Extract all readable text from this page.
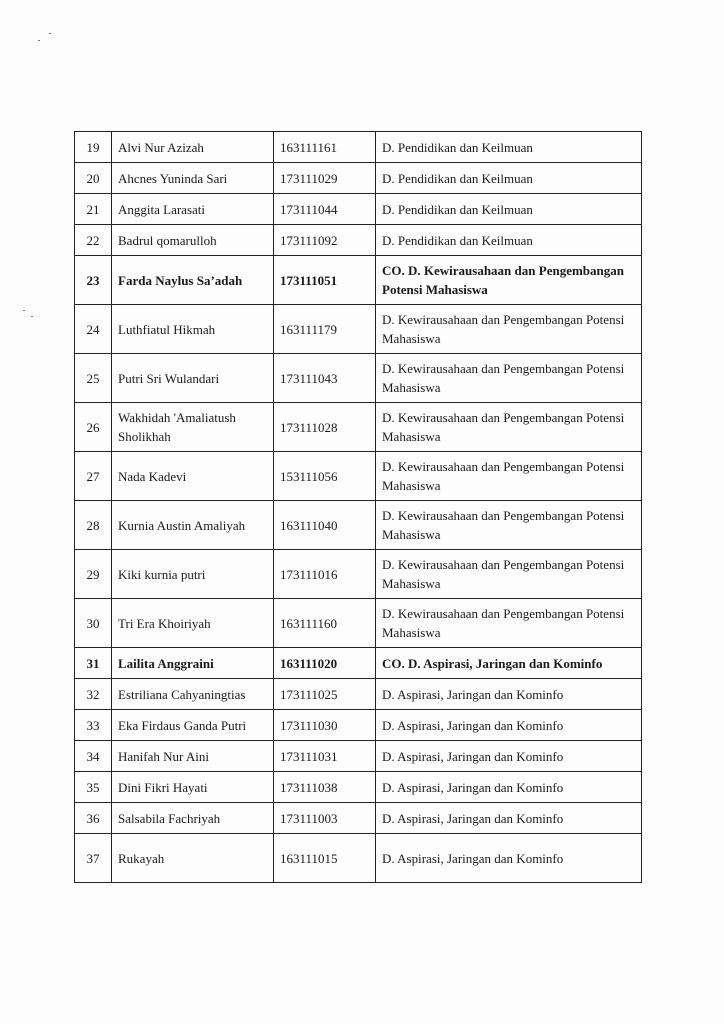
19	Alvi Nur Azizah	163111161	D. Pendidikan dan Keilmuan
20	Ahcnes Yuninda Sari	173111029	D. Pendidikan dan Keilmuan
21	Anggita Larasati	173111044	D. Pendidikan dan Keilmuan
22	Badrul qomarulloh	173111092	D. Pendidikan dan Keilmuan
23	Farda Naylus Sa’adah	173111051	CO. D. Kewirausahaan dan Pengembangan Potensi Mahasiswa
24	Luthfiatul Hikmah	163111179	D. Kewirausahaan dan Pengembangan Potensi Mahasiswa
25	Putri Sri Wulandari	173111043	D. Kewirausahaan dan Pengembangan Potensi Mahasiswa
26	Wakhidah 'Amaliatush Sholikhah	173111028	D. Kewirausahaan dan Pengembangan Potensi Mahasiswa
27	Nada Kadevi	153111056	D. Kewirausahaan dan Pengembangan Potensi Mahasiswa
28	Kurnia Austin Amaliyah	163111040	D. Kewirausahaan dan Pengembangan Potensi Mahasiswa
29	Kiki kurnia putri	173111016	D. Kewirausahaan dan Pengembangan Potensi Mahasiswa
30	Tri Era Khoiriyah	163111160	D. Kewirausahaan dan Pengembangan Potensi Mahasiswa
31	Lailita Anggraini	163111020	CO. D. Aspirasi, Jaringan dan Kominfo
32	Estriliana Cahyaningtias	173111025	D. Aspirasi, Jaringan dan Kominfo
33	Eka Firdaus Ganda Putri	173111030	D. Aspirasi, Jaringan dan Kominfo
34	Hanifah Nur Aini	173111031	D. Aspirasi, Jaringan dan Kominfo
35	Dini Fikri Hayati	173111038	D. Aspirasi, Jaringan dan Kominfo
36	Salsabila Fachriyah	173111003	D. Aspirasi, Jaringan dan Kominfo
37	Rukayah	163111015	D. Aspirasi, Jaringan dan Kominfo
